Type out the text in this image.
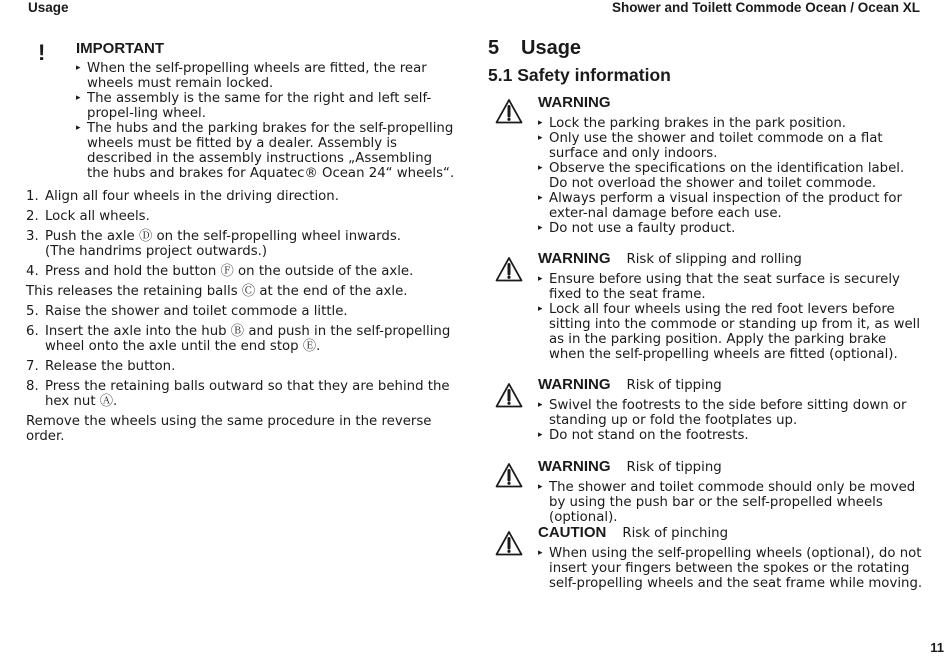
Usage	Shower and Toilett Commode Ocean / Ocean XL
! IMPORTANT
▸ When the self-propelling wheels are fitted, the rear wheels must remain locked.
▸ The assembly is the same for the right and left self-propel-ling wheel.
▸ The hubs and the parking brakes for the self-propelling wheels must be fitted by a dealer. Assembly is described in the assembly instructions „Assembling the hubs and brakes for Aquatec® Ocean 24“ wheels“.
1. Align all four wheels in the driving direction.
2. Lock all wheels.
3. Push the axle Ⓓ on the self-propelling wheel inwards.
(The handrims project outwards.)
4. Press and hold the button Ⓕ on the outside of the axle.
This releases the retaining balls Ⓒ at the end of the axle.
5. Raise the shower and toilet commode a little.
6. Insert the axle into the hub Ⓑ and push in the self-propelling wheel onto the axle until the end stop Ⓔ.
7. Release the button.
8. Press the retaining balls outward so that they are behind the hex nut Ⓐ.
Remove the wheels using the same procedure in the reverse order.
5 Usage
5.1 Safety information
WARNING
▸ Lock the parking brakes in the park position.
▸ Only use the shower and toilet commode on a flat surface and only indoors.
▸ Observe the specifications on the identification label. Do not overload the shower and toilet commode.
▸ Always perform a visual inspection of the product for exter-nal damage before each use.
▸ Do not use a faulty product.
WARNING Risk of slipping and rolling
▸ Ensure before using that the seat surface is securely fixed to the seat frame.
▸ Lock all four wheels using the red foot levers before sitting into the commode or standing up from it, as well as in the parking position. Apply the parking brake when the self-propelling wheels are fitted (optional).
WARNING Risk of tipping
▸ Swivel the footrests to the side before sitting down or standing up or fold the footplates up.
▸ Do not stand on the footrests.
WARNING Risk of tipping
▸ The shower and toilet commode should only be moved by using the push bar or the self-propelled wheels (optional).
CAUTION Risk of pinching
▸ When using the self-propelling wheels (optional), do not insert your fingers between the spokes or the rotating self-propelling wheels and the seat frame while moving.
11
